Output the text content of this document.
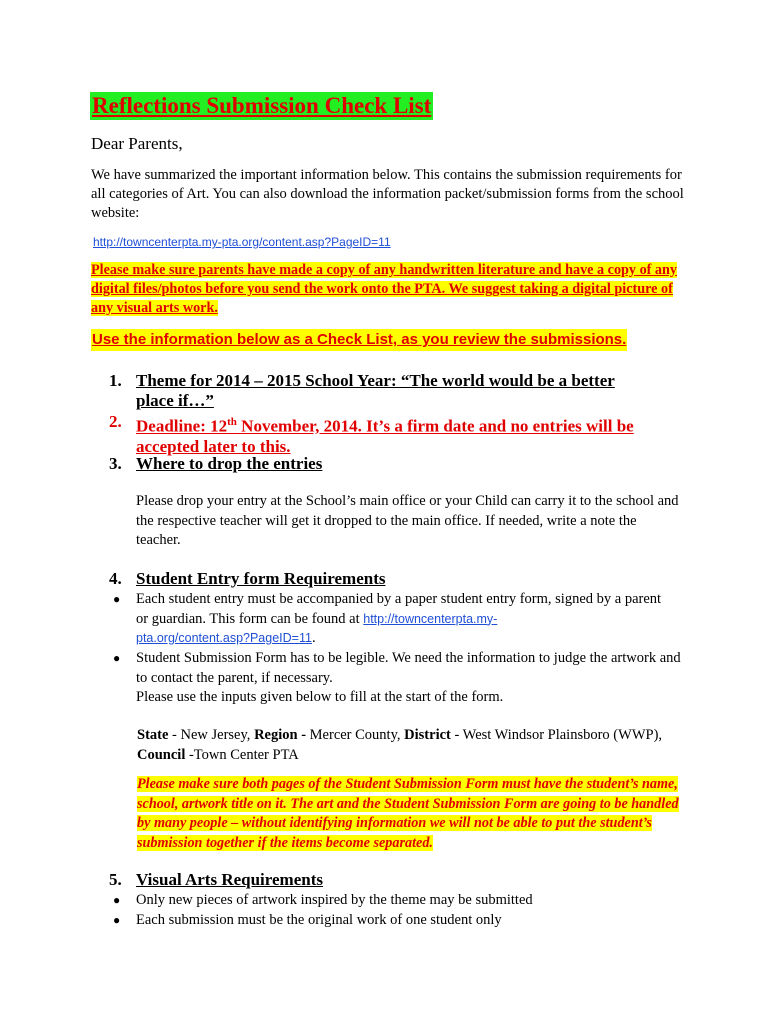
Reflections Submission Check List
Dear Parents,
We have summarized the important information below. This contains the submission requirements for all categories of Art. You can also download the information packet/submission forms from the school website:
http://towncenterpta.my-pta.org/content.asp?PageID=11
Please make sure parents have made a copy of any handwritten literature and have a copy of any digital files/photos before you send the work onto the PTA. We suggest taking a digital picture of any visual arts work.
Use the information below as a Check List, as you review the submissions.
1. Theme for 2014 – 2015 School Year: “The world would be a better
place if…”
2. Deadline: 12th November, 2014. It’s a firm date and no entries will be
accepted later to this.
3. Where to drop the entries
Please drop your entry at the School’s main office or your Child can carry it to the school and the respective teacher will get it dropped to the main office. If needed, write a note the teacher.
4. Student Entry form Requirements
● Each student entry must be accompanied by a paper student entry form, signed by a parent or guardian. This form can be found at http://towncenterpta.my-
pta.org/content.asp?PageID=11.
● Student Submission Form has to be legible. We need the information to judge the artwork and to contact the parent, if necessary.
Please use the inputs given below to fill at the start of the form.
State - New Jersey, Region - Mercer County, District - West Windsor Plainsboro (WWP), Council -Town Center PTA
Please make sure both pages of the Student Submission Form must have the student’s name, school, artwork title on it. The art and the Student Submission Form are going to be handled by many people – without identifying information we will not be able to put the student’s submission together if the items become separated.
5. Visual Arts Requirements
● Only new pieces of artwork inspired by the theme may be submitted
● Each submission must be the original work of one student only
